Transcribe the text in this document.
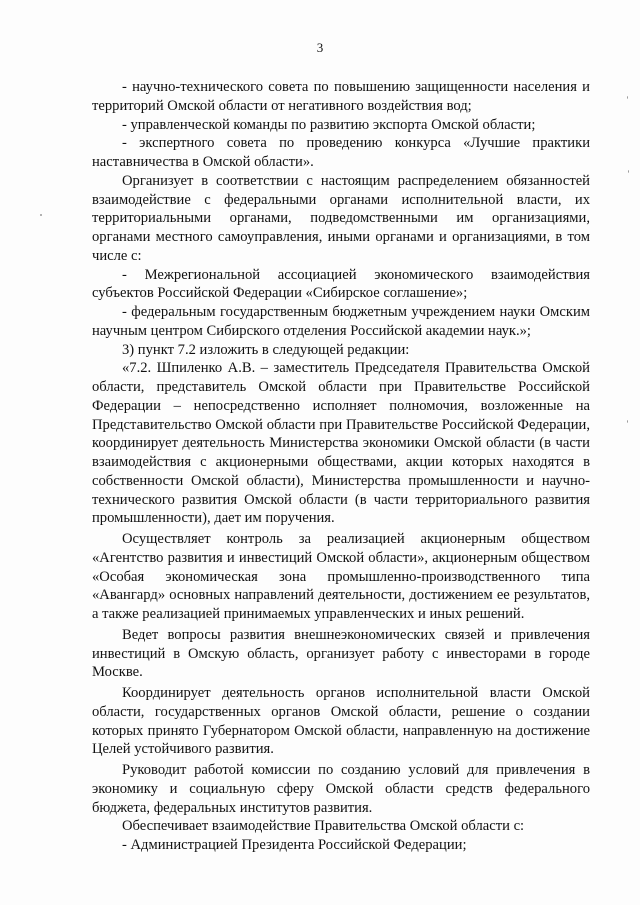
3

- научно-технического совета по повышению защищенности населения и территорий Омской области от негативного воздействия вод;

- управленческой команды по развитию экспорта Омской области;

- экспертного совета по проведению конкурса «Лучшие практики наставничества в Омской области».

Организует в соответствии с настоящим распределением обязанностей взаимодействие с федеральными органами исполнительной власти, их территориальными органами, подведомственными им организациями, органами местного самоуправления, иными органами и организациями, в том числе с:

- Межрегиональной ассоциацией экономического взаимодействия субъектов Российской Федерации «Сибирское соглашение»;

- федеральным государственным бюджетным учреждением науки Омским научным центром Сибирского отделения Российской академии наук.»;

3) пункт 7.2 изложить в следующей редакции:

«7.2. Шпиленко А.В. – заместитель Председателя Правительства Омской области, представитель Омской области при Правительстве Российской Федерации – непосредственно исполняет полномочия, возложенные на Представительство Омской области при Правительстве Российской Федерации, координирует деятельность Министерства экономики Омской области (в части взаимодействия с акционерными обществами, акции которых находятся в собственности Омской области), Министерства промышленности и научно-технического развития Омской области (в части территориального развития промышленности), дает им поручения.

Осуществляет контроль за реализацией акционерным обществом «Агентство развития и инвестиций Омской области», акционерным обществом «Особая экономическая зона промышленно-производственного типа «Авангард» основных направлений деятельности, достижением ее результатов, а также реализацией принимаемых управленческих и иных решений.

Ведет вопросы развития внешнеэкономических связей и привлечения инвестиций в Омскую область, организует работу с инвесторами в городе Москве.

Координирует деятельность органов исполнительной власти Омской области, государственных органов Омской области, решение о создании которых принято Губернатором Омской области, направленную на достижение Целей устойчивого развития.

Руководит работой комиссии по созданию условий для привлечения в экономику и социальную сферу Омской области средств федерального бюджета, федеральных институтов развития.

Обеспечивает взаимодействие Правительства Омской области с:

- Администрацией Президента Российской Федерации;
